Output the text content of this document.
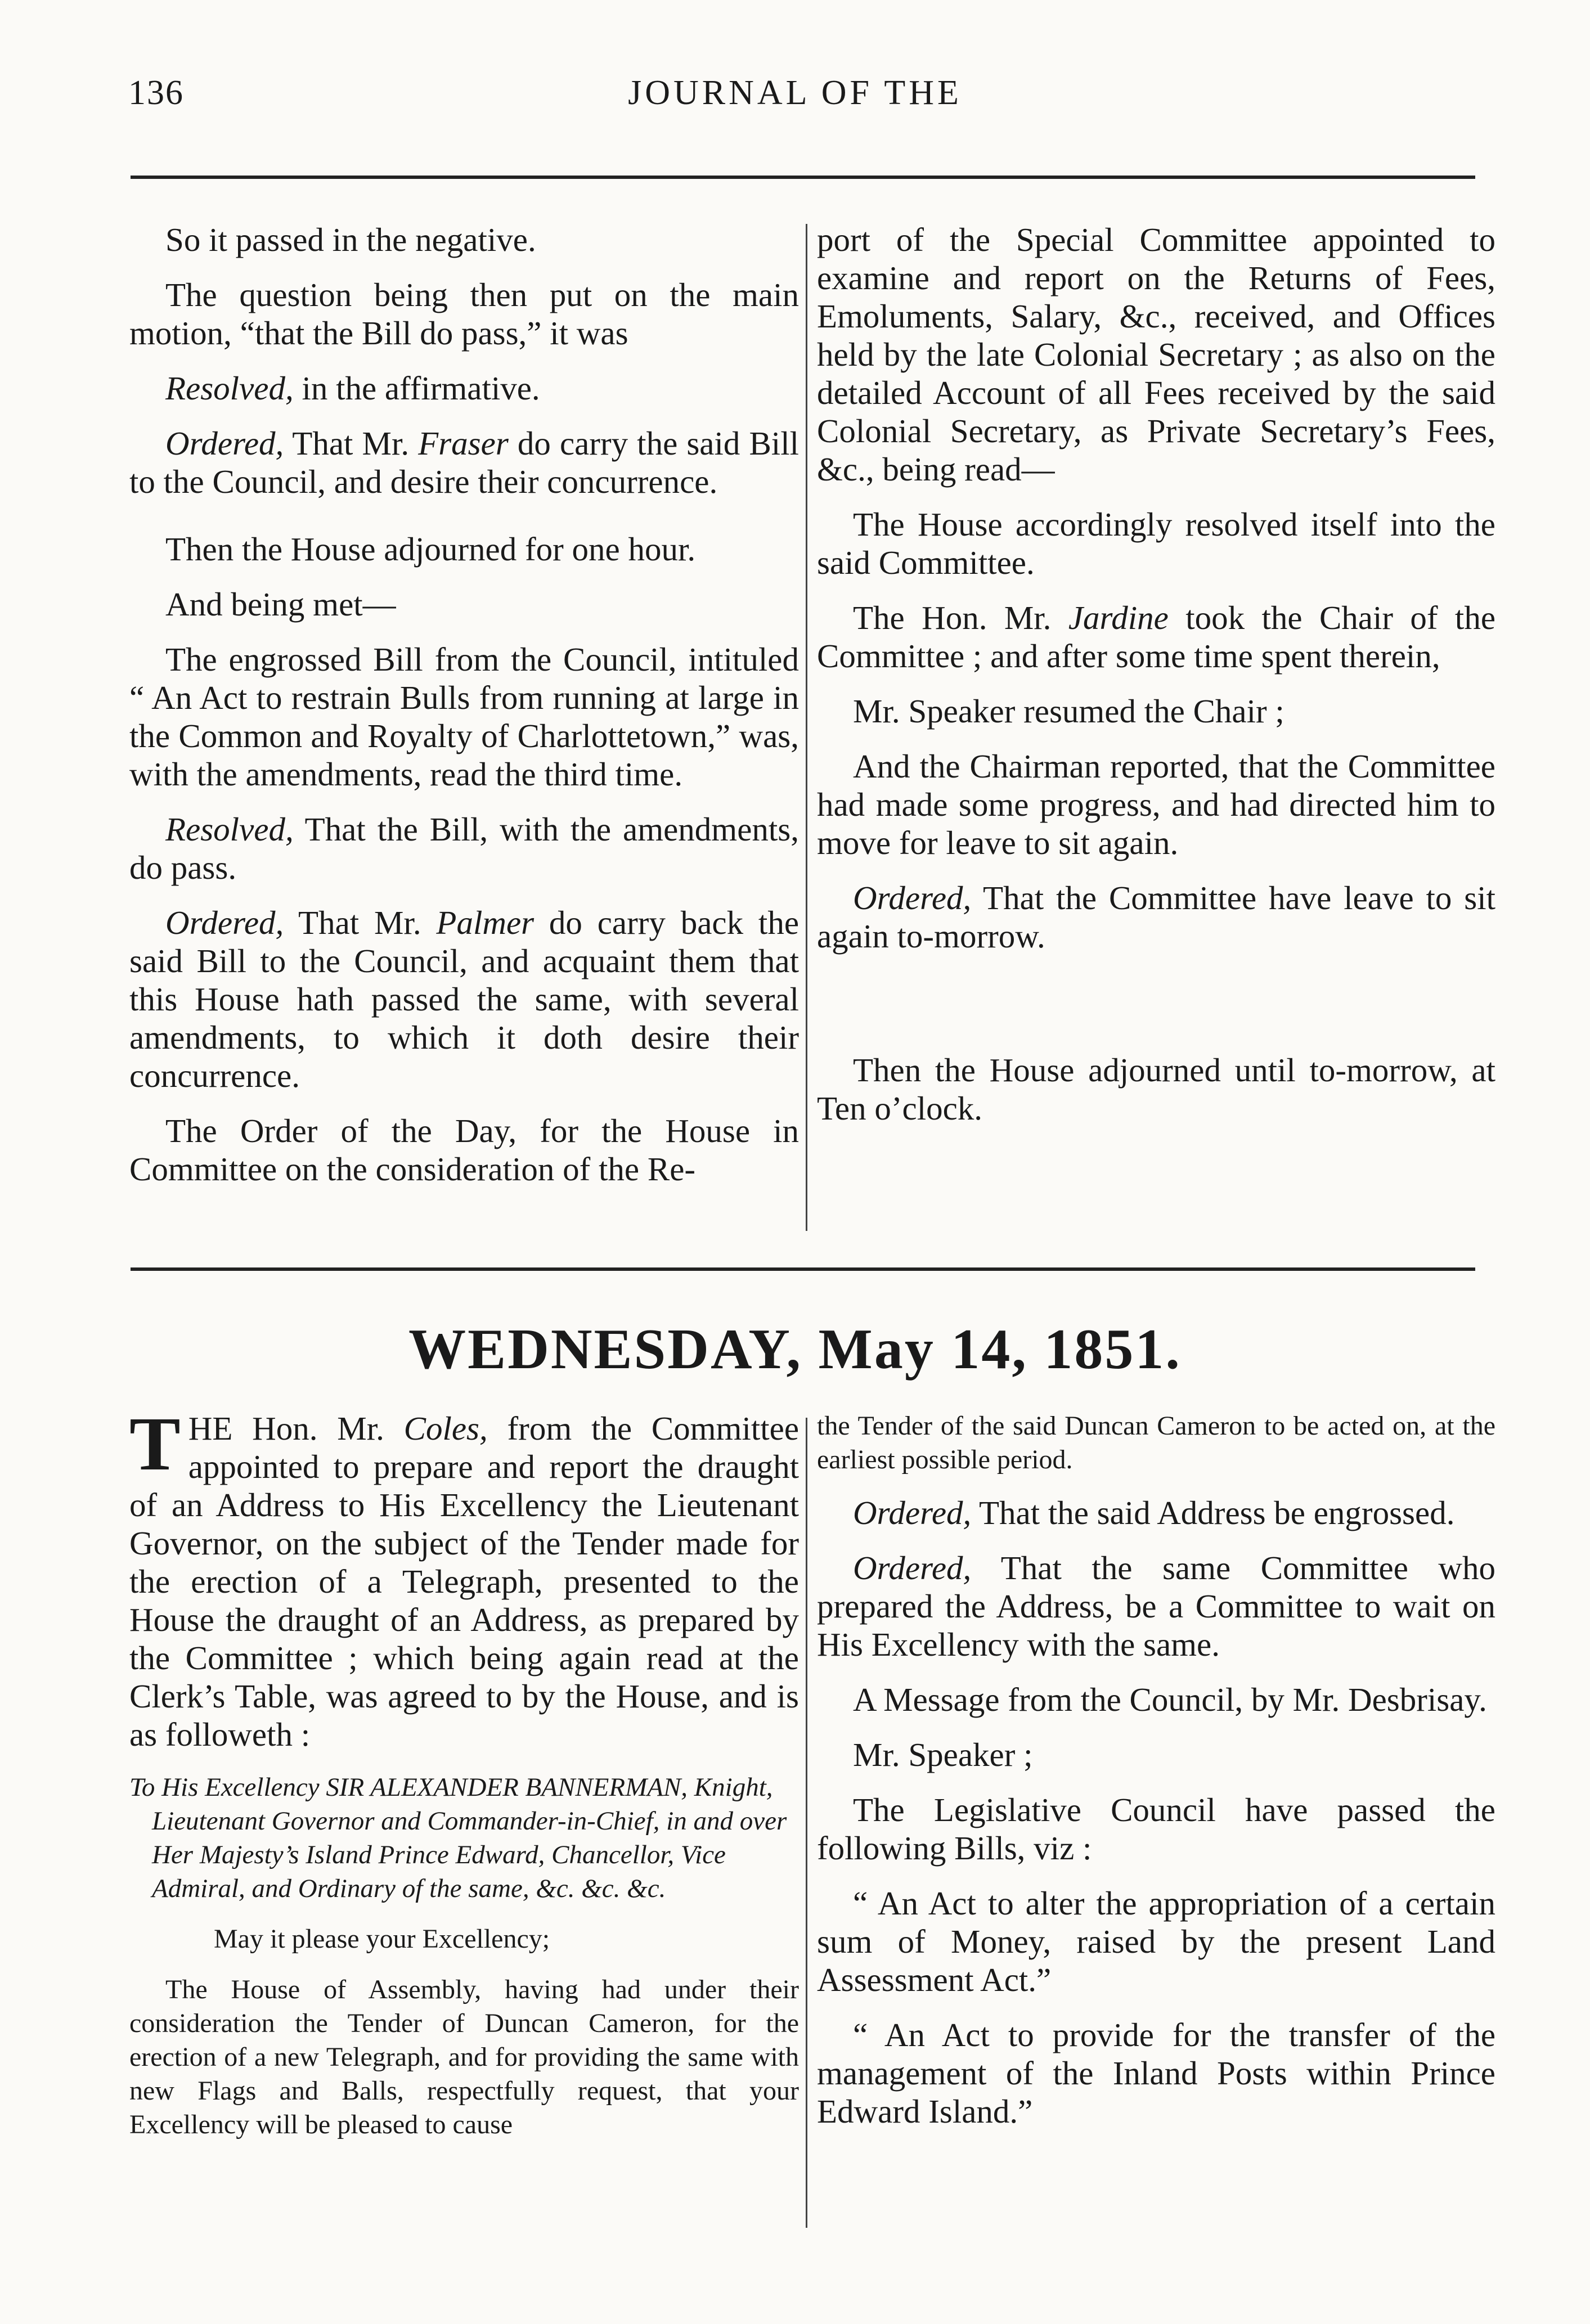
136	JOURNAL OF THE

So it passed in the negative.

The question being then put on the main motion, “that the Bill do pass,” it was

Resolved, in the affirmative.

Ordered, That Mr. Fraser do carry the said Bill to the Council, and desire their concurrence.

Then the House adjourned for one hour.

And being met—

The engrossed Bill from the Council, intituled “ An Act to restrain Bulls from running at large in the Common and Royalty of Charlottetown,” was, with the amendments, read the third time.

Resolved, That the Bill, with the amendments, do pass.

Ordered, That Mr. Palmer do carry back the said Bill to the Council, and acquaint them that this House hath passed the same, with several amendments, to which it doth desire their concurrence.

The Order of the Day, for the House in Committee on the consideration of the Re-

port of the Special Committee appointed to examine and report on the Returns of Fees, Emoluments, Salary, &c., received, and Offices held by the late Colonial Secretary ; as also on the detailed Account of all Fees received by the said Colonial Secretary, as Private Secretary’s Fees, &c., being read—

The House accordingly resolved itself into the said Committee.

The Hon. Mr. Jardine took the Chair of the Committee ; and after some time spent therein,

Mr. Speaker resumed the Chair ;

And the Chairman reported, that the Committee had made some progress, and had directed him to move for leave to sit again.

Ordered, That the Committee have leave to sit again to-morrow.

Then the House adjourned until to-morrow, at Ten o’clock.

WEDNESDAY, May 14, 1851.

THE Hon. Mr. Coles, from the Committee appointed to prepare and report the draught of an Address to His Excellency the Lieutenant Governor, on the subject of the Tender made for the erection of a Telegraph, presented to the House the draught of an Address, as prepared by the Committee ; which being again read at the Clerk’s Table, was agreed to by the House, and is as followeth :

To His Excellency SIR ALEXANDER BANNERMAN, Knight, Lieutenant Governor and Commander-in-Chief, in and over Her Majesty’s Island Prince Edward, Chancellor, Vice Admiral, and Ordinary of the same, &c. &c. &c.

May it please your Excellency;

The House of Assembly, having had under their consideration the Tender of Duncan Cameron, for the erection of a new Telegraph, and for providing the same with new Flags and Balls, respectfully request, that your Excellency will be pleased to cause

the Tender of the said Duncan Cameron to be acted on, at the earliest possible period.

Ordered, That the said Address be engrossed.

Ordered, That the same Committee who prepared the Address, be a Committee to wait on His Excellency with the same.

A Message from the Council, by Mr. Desbrisay.

Mr. Speaker ;

The Legislative Council have passed the following Bills, viz :

“ An Act to alter the appropriation of a certain sum of Money, raised by the present Land Assessment Act.”

“ An Act to provide for the transfer of the management of the Inland Posts within Prince Edward Island.”
